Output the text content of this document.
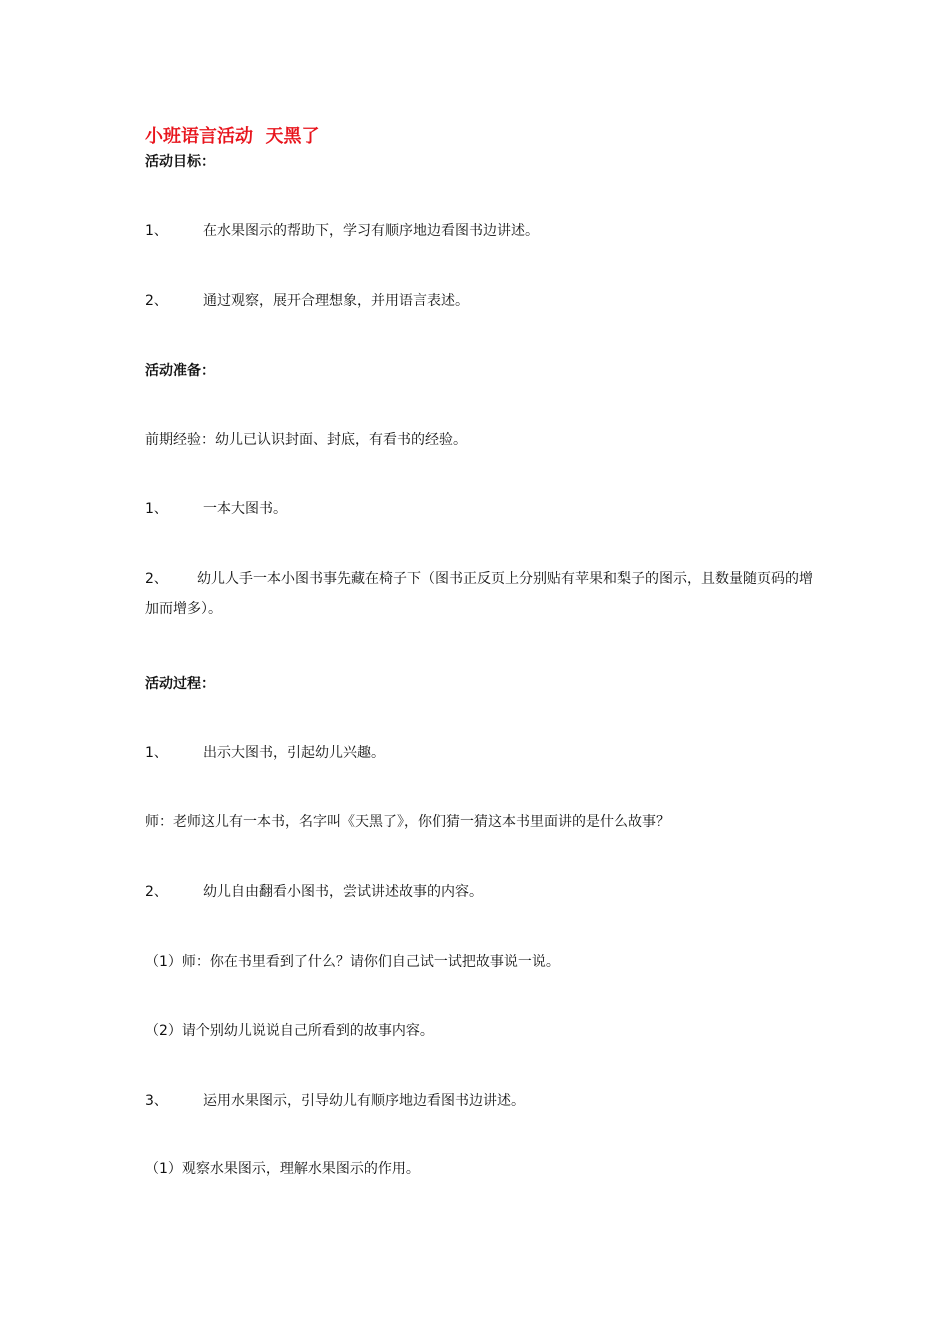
小班语言活动  天黑了
活动目标：
1、	在水果图示的帮助下，学习有顺序地边看图书边讲述。
2、	通过观察，展开合理想象，并用语言表述。
活动准备：
前期经验：幼儿已认识封面、封底，有看书的经验。
1、	一本大图书。
2、 幼儿人手一本小图书事先藏在椅子下（图书正反页上分别贴有苹果和梨子的图示，且数量随页码的增加而增多）。
活动过程：
1、	出示大图书，引起幼儿兴趣。
师：老师这儿有一本书，名字叫《天黑了》，你们猜一猜这本书里面讲的是什么故事？
2、	幼儿自由翻看小图书，尝试讲述故事的内容。
（1）师：你在书里看到了什么？请你们自己试一试把故事说一说。
（2）请个别幼儿说说自己所看到的故事内容。
3、	运用水果图示，引导幼儿有顺序地边看图书边讲述。
（1）观察水果图示，理解水果图示的作用。
